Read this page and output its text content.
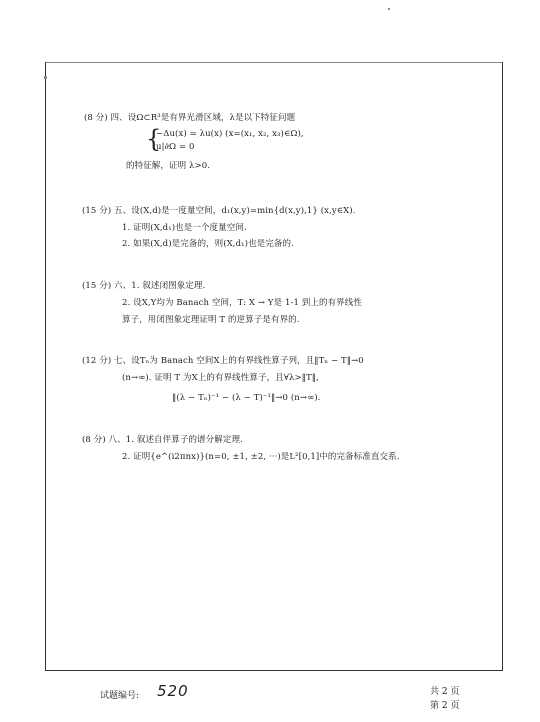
(8 分) 四、设Ω⊂R³是有界光滑区域，λ是以下特征问题
{
−Δu(x) = λu(x) (x=(x₁, x₂, x₃)∈Ω),
u|∂Ω = 0
的特征解，证明 λ>0.
(15 分) 五、设(X,d)是一度量空间，d₁(x,y)=min{d(x,y),1} (x,y∈X).
1. 证明(X,d₁)也是一个度量空间.
2. 如果(X,d)是完备的，则(X,d₁)也是完备的.
(15 分) 六、1. 叙述闭图象定理.
2. 设X,Y均为 Banach 空间，T: X → Y是 1-1 到上的有界线性
算子，用闭图象定理证明 T 的逆算子是有界的.
(12 分) 七、设Tₙ为 Banach 空间X上的有界线性算子列，且‖Tₙ − T‖→0
(n→∞). 证明 T 为X上的有界线性算子，且∀λ>‖T‖,
‖(λ − Tₙ)⁻¹ − (λ − T)⁻¹‖→0 (n→∞).
(8 分) 八、1. 叙述自伴算子的谱分解定理.
2. 证明{e^(i2πnx)}(n=0, ±1, ±2, ···)是L²[0,1]中的完备标准直交系.
试题编号: 520	共 2 页
第 2 页
